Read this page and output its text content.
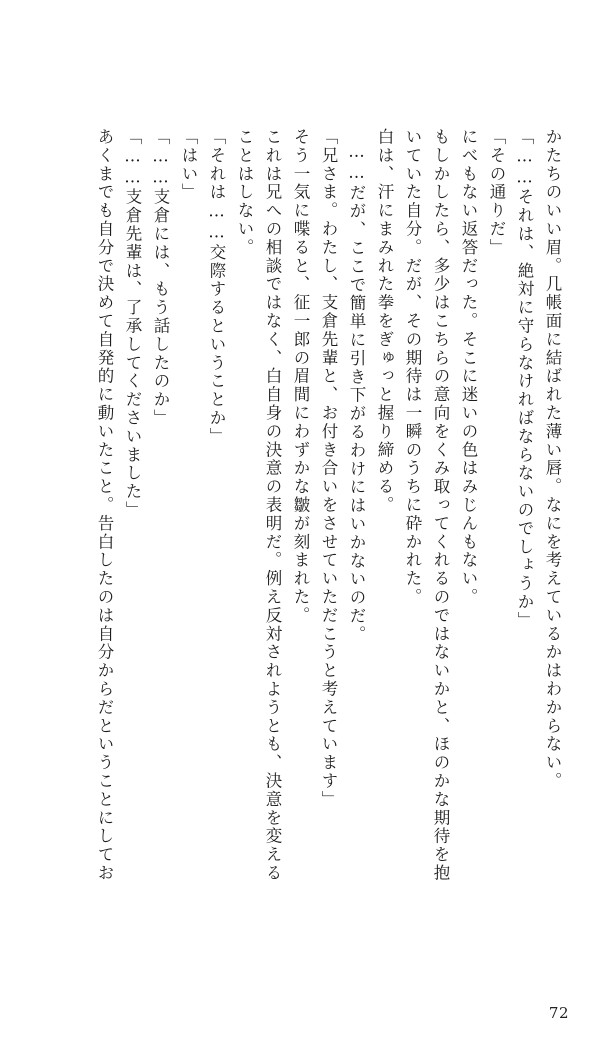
かたちのいい眉。几帳面に結ばれた薄い唇。なにを考えているかはわからない。
「……それは、絶対に守らなければならないのでしょうか」
「その通りだ」
にべもない返答だった。そこに迷いの色はみじんもない。
もしかしたら、多少はこちらの意向をくみ取ってくれるのではないかと、ほのかな期待を抱
いていた自分。だが、その期待は一瞬のうちに砕かれた。
白は、汗にまみれた拳をぎゅっと握り締める。
……だが、ここで簡単に引き下がるわけにはいかないのだ。
「兄さま。わたし、支倉先輩と、お付き合いをさせていただこうと考えています」
そう一気に喋ると、征一郎の眉間にわずかな皺が刻まれた。
これは兄への相談ではなく、白自身の決意の表明だ。例え反対されようとも、決意を変える
ことはしない。
「それは……交際するということか」
「はい」
「……支倉には、もう話したのか」
「……支倉先輩は、了承してくださいました」
あくまでも自分で決めて自発的に動いたこと。告白したのは自分からだということにしてお
72
